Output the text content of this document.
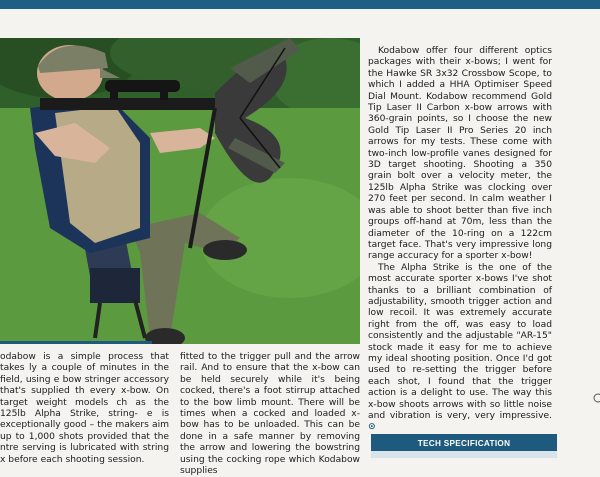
Kodabow offer four different optics packages with their x-bows; I went for the Hawke SR 3x32 Crossbow Scope, to which I added a HHA Optimiser Speed Dial Mount. Kodabow recommend Gold Tip Laser II Carbon x-bow arrows with 360-grain points, so I choose the new Gold Tip Laser II Pro Series 20 inch arrows for my tests. These come with two-inch low-profile vanes designed for 3D target shooting. Shooting a 350 grain bolt over a velocity meter, the 125lb Alpha Strike was clocking over 270 feet per second. In calm weather I was able to shoot better than five inch groups off-hand at 70m, less than the diameter of the 10-ring on a 122cm target face. That's very impressive long range accuracy for a sporter x-bow!

The Alpha Strike is the one of the most accurate sporter x-bows I've shot thanks to a brilliant combination of adjustability, smooth trigger action and low recoil. It was extremely accurate right from the off, was easy to load consistently and the adjustable "AR-15" stock made it easy for me to achieve my ideal shooting position. Once I'd got used to re-setting the trigger before each shot, I found that the trigger action is a delight to use. The way this x-bow shoots arrows with so little noise and vibration is very, very impressive. ⊙

odabow is a simple process that takes ly a couple of minutes in the field, using e bow stringer accessory that's supplied th every x-bow. On target weight models ch as the 125lb Alpha Strike, string- e is exceptionally good – the makers aim up to 1,000 shots provided that the ntre serving is lubricated with string x before each shooting session.

fitted to the trigger pull and the arrow rail. And to ensure that the x-bow can be held securely while it's being cocked, there's a foot stirrup attached to the bow limb mount. There will be times when a cocked and loaded x-bow has to be unloaded. This can be done in a safe manner by removing the arrow and lowering the bowstring using the cocking rope which Kodabow supplies

TECH SPECIFICATION
